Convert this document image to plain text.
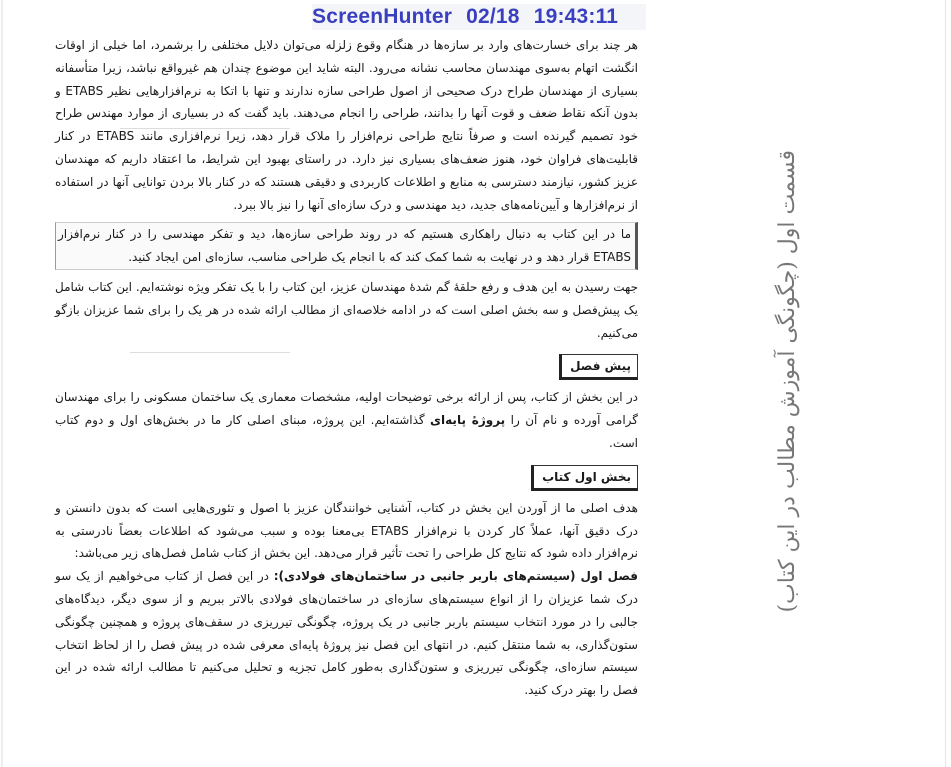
ScreenHunter 02/18 19:43:11

هر چند برای خسارت‌های وارد بر سازه‌ها در هنگام وقوع زلزله می‌توان دلایل مختلفی را برشمرد، اما خیلی از اوقات انگشت اتهام به‌سوی مهندسان محاسب نشانه می‌رود. البته شاید این موضوع چندان هم غیرواقع نباشد، زیرا متأسفانه بسیاری از مهندسان طراح درک صحیحی از اصول طراحی سازه ندارند و تنها با اتکا به نرم‌افزارهایی نظیر ETABS و بدون آنکه نقاط ضعف و قوت آنها را بدانند، طراحی را انجام می‌دهند. باید گفت که در بسیاری از موارد مهندس طراح خود تصمیم گیرنده است و صرفاً نتایج طراحی نرم‌افزار را ملاک قرار دهد، زیرا نرم‌افزاری مانند ETABS در کنار قابلیت‌های فراوان خود، هنوز ضعف‌های بسیاری نیز دارد. در راستای بهبود این شرایط، ما اعتقاد داریم که مهندسان عزیز کشور، نیازمند دسترسی به منابع و اطلاعات کاربردی و دقیقی هستند که در کنار بالا بردن توانایی آنها در استفاده از نرم‌افزارها و آیین‌نامه‌های جدید، دید مهندسی و درک سازه‌ای آنها را نیز بالا ببرد.

ما در این کتاب به دنبال راهکاری هستیم که در روند طراحی سازه‌ها، دید و تفکر مهندسی را در کنار نرم‌افزار ETABS قرار دهد و در نهایت به شما کمک کند که با انجام یک طراحی مناسب، سازه‌ای امن ایجاد کنید.

جهت رسیدن به این هدف و رفع حلقهٔ گم شدهٔ مهندسان عزیز، این کتاب را با یک تفکر ویژه نوشته‌ایم. این کتاب شامل یک پیش‌فصل و سه بخش اصلی است که در ادامه خلاصه‌ای از مطالب ارائه شده در هر یک را برای شما عزیزان بازگو می‌کنیم.

پیش فصل

در این بخش از کتاب، پس از ارائه برخی توضیحات اولیه، مشخصات معماری یک ساختمان مسکونی را برای مهندسان گرامی آورده و نام آن را پروژهٔ پایه‌ای گذاشته‌ایم. این پروژه، مبنای اصلی کار ما در بخش‌های اول و دوم کتاب است.

بخش اول کتاب

هدف اصلی ما از آوردن این بخش در کتاب، آشنایی خوانندگان عزیز با اصول و تئوری‌هایی است که بدون دانستن و درک دقیق آنها، عملاً کار کردن با نرم‌افزار ETABS بی‌معنا بوده و سبب می‌شود که اطلاعات بعضاً نادرستی به نرم‌افزار داده شود که نتایج کل طراحی را تحت تأثیر قرار می‌دهد. این بخش از کتاب شامل فصل‌های زیر می‌باشد:

فصل اول (سیستم‌های باربر جانبی در ساختمان‌های فولادی): در این فصل از کتاب می‌خواهیم از یک سو درک شما عزیزان را از انواع سیستم‌های سازه‌ای در ساختمان‌های فولادی بالاتر ببریم و از سوی دیگر، دیدگاه‌های جالبی را در مورد انتخاب سیستم باربر جانبی در یک پروژه، چگونگی تیرریزی در سقف‌های پروژه و همچنین چگونگی ستون‌گذاری، به شما منتقل کنیم. در انتهای این فصل نیز پروژهٔ پایه‌ای معرفی شده در پیش فصل را از لحاظ انتخاب سیستم سازه‌ای، چگونگی تیرریزی و ستون‌گذاری به‌طور کامل تجزیه و تحلیل می‌کنیم تا مطالب ارائه شده در این فصل را بهتر درک کنید.

قسمت اول (چگونگی آموزش مطالب در این کتاب)
